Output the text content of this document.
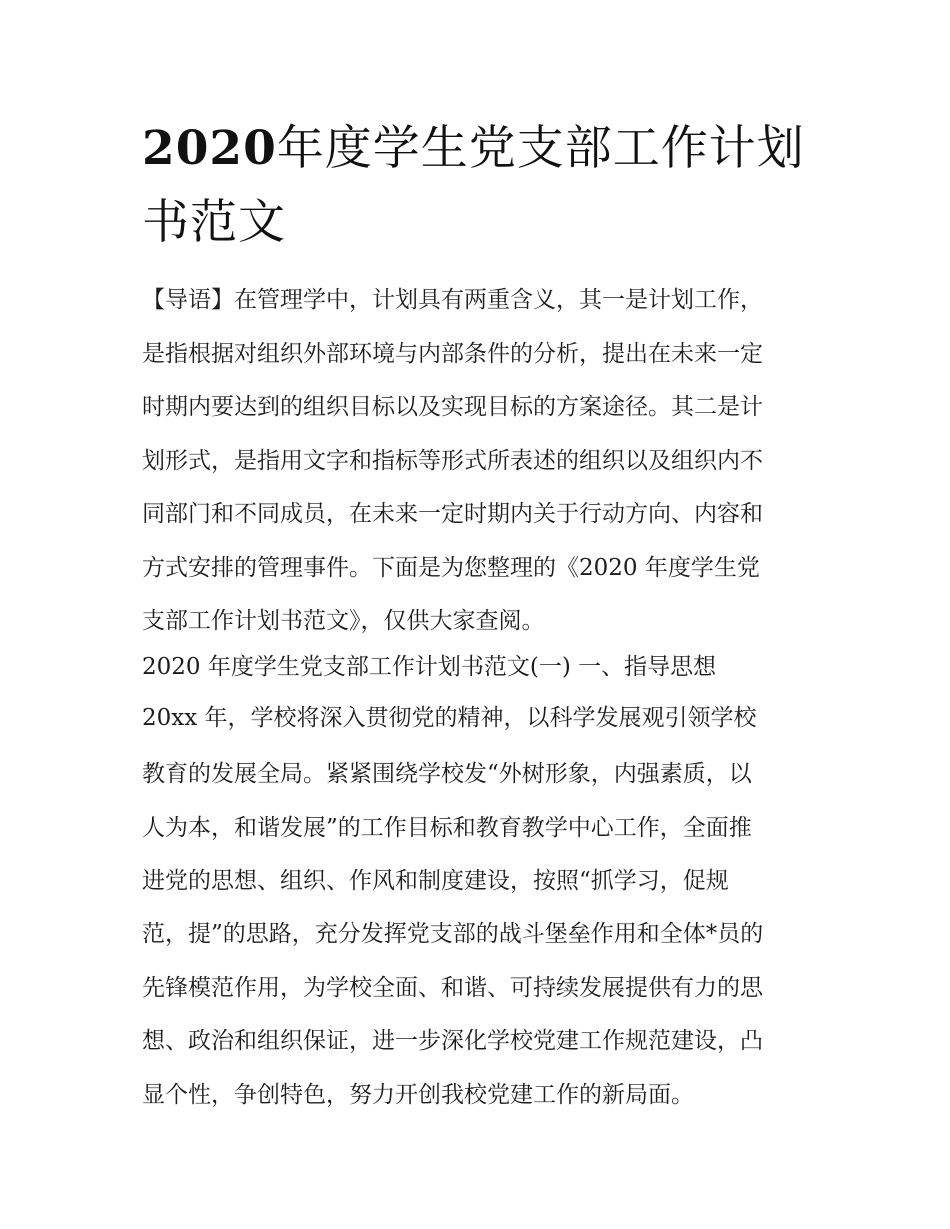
2020年度学生党支部工作计划
书范文
【导语】在管理学中，计划具有两重含义，其一是计划工作，
是指根据对组织外部环境与内部条件的分析，提出在未来一定
时期内要达到的组织目标以及实现目标的方案途径。其二是计
划形式，是指用文字和指标等形式所表述的组织以及组织内不
同部门和不同成员，在未来一定时期内关于行动方向、内容和
方式安排的管理事件。下面是为您整理的《2020 年度学生党
支部工作计划书范文》，仅供大家查阅。
2020 年度学生党支部工作计划书范文(一) 一、指导思想
20xx 年，学校将深入贯彻党的精神，以科学发展观引领学校
教育的发展全局。紧紧围绕学校发“外树形象，内强素质，以
人为本，和谐发展”的工作目标和教育教学中心工作，全面推
进党的思想、组织、作风和制度建设，按照“抓学习，促规
范，提”的思路，充分发挥党支部的战斗堡垒作用和全体*员的
先锋模范作用，为学校全面、和谐、可持续发展提供有力的思
想、政治和组织保证，进一步深化学校党建工作规范建设，凸
显个性，争创特色，努力开创我校党建工作的新局面。
